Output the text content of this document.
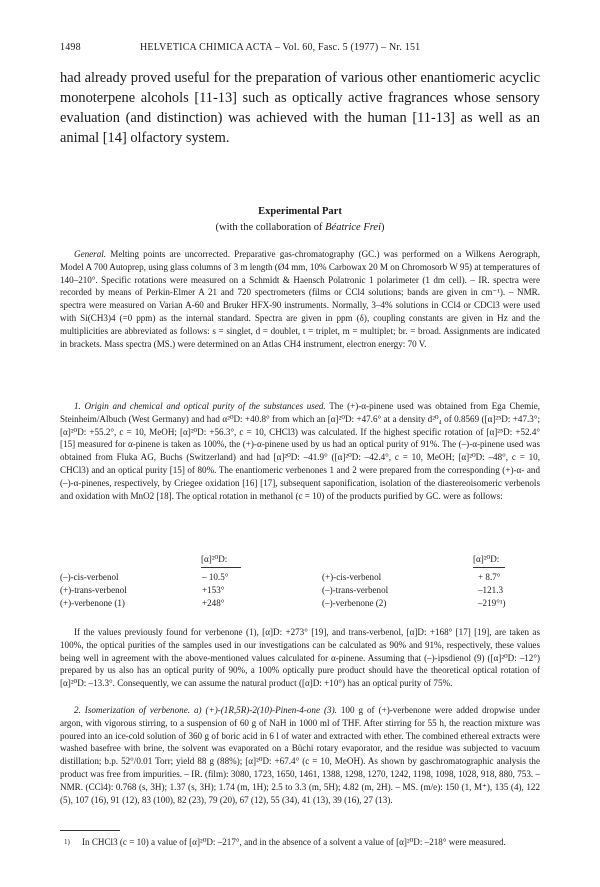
1498	HELVETICA CHIMICA ACTA – Vol. 60, Fasc. 5 (1977) – Nr. 151

had already proved useful for the preparation of various other enantiomeric acyclic monoterpene alcohols [11-13] such as optically active fragrances whose sensory evaluation (and distinction) was achieved with the human [11-13] as well as an animal [14] olfactory system.

Experimental Part

(with the collaboration of Béatrice Frei)

General. Melting points are uncorrected. Preparative gas-chromatography (GC.) was performed on a Wilkens Aerograph, Model A 700 Autoprep, using glass columns of 3 m length (Ø4 mm, 10% Carbowax 20 M on Chromosorb W 95) at temperatures of 140–210°. Specific rotations were measured on a Schmidt & Haensch Polatronic 1 polarimeter (1 dm cell). – IR. spectra were recorded by means of Perkin-Elmer A 21 and 720 spectrometers (films or CCl4 solutions; bands are given in cm⁻¹). – NMR. spectra were measured on Varian A-60 and Bruker HFX-90 instruments. Normally, 3–4% solutions in CCl4 or CDCl3 were used with Si(CH3)4 (=0 ppm) as the internal standard. Spectra are given in ppm (δ), coupling constants are given in Hz and the multiplicities are abbreviated as follows: s = singlet, d = doublet, t = triplet, m = multiplet; br. = broad. Assignments are indicated in brackets. Mass spectra (MS.) were determined on an Atlas CH4 instrument, electron energy: 70 V.

1. Origin and chemical and optical purity of the substances used. The (+)-α-pinene used was obtained from Ega Chemie, Steinheim/Albuch (West Germany) and had α²⁰D: +40.8° from which an [α]²⁰D: +47.6° at a density d²⁰₄ of 0.8569 ([α]²⁵D: +47.3°; [α]²⁰D: +55.2°, c = 10, MeOH; [α]²⁰D: +56.3°, c = 10, CHCl3) was calculated. If the highest specific rotation of [α]²⁵D: +52.4° [15] measured for α-pinene is taken as 100%, the (+)-α-pinene used by us had an optical purity of 91%. The (–)-α-pinene used was obtained from Fluka AG, Buchs (Switzerland) and had [α]²⁰D: –41.9° ([α]²⁰D: –42.4°, c = 10, MeOH; [α]²⁰D: –48°, c = 10, CHCl3) and an optical purity [15] of 80%. The enantiomeric verbenones 1 and 2 were prepared from the corresponding (+)-α- and (–)-α-pinenes, respectively, by Criegee oxidation [16] [17], subsequent saponification, isolation of the diastereoisomeric verbenols and oxidation with MnO2 [18]. The optical rotation in methanol (c = 10) of the products purified by GC. were as follows:

[α]²⁰D:	[α]²⁰D:
(–)-cis-verbenol	– 10.5°
(+)-trans-verbenol	+153°
(+)-verbenone (1)	+248°
(+)-cis-verbenol	+ 8.7°
(–)-trans-verbenol	–121.3
(–)-verbenone (2)	–219°¹)

If the values previously found for verbenone (1), [α]D: +273° [19], and trans-verbenol, [α]D: +168° [17] [19], are taken as 100%, the optical purities of the samples used in our investigations can be calculated as 90% and 91%, respectively, these values being well in agreement with the above-mentioned values calculated for α-pinene. Assuming that (–)-ipsdienol (9) ([α]²⁰D: –12°) prepared by us also has an optical purity of 90%, a 100% optically pure product should have the theoretical optical rotation of [α]²⁰D: –13.3°. Consequently, we can assume the natural product ([α]D: +10°) has an optical purity of 75%.

2. Isomerization of verbenone. a) (+)-(1R,5R)-2(10)-Pinen-4-one (3). 100 g of (+)-verbenone were added dropwise under argon, with vigorous stirring, to a suspension of 60 g of NaH in 1000 ml of THF. After stirring for 55 h, the reaction mixture was poured into an ice-cold solution of 360 g of boric acid in 6 l of water and extracted with ether. The combined ethereal extracts were washed basefree with brine, the solvent was evaporated on a Büchi rotary evaporator, and the residue was subjected to vacuum distillation; b.p. 52°/0.01 Torr; yield 88 g (88%); [α]²⁰D: +67.4° (c = 10, MeOH). As shown by gaschromatographic analysis the product was free from impurities. – IR. (film): 3080, 1723, 1650, 1461, 1388, 1298, 1270, 1242, 1198, 1098, 1028, 918, 880, 753. – NMR. (CCl4): 0.768 (s, 3H); 1.37 (s, 3H); 1.74 (m, 1H); 2.5 to 3.3 (m, 5H); 4.82 (m, 2H). – MS. (m/e): 150 (1, M⁺), 135 (4), 122 (5), 107 (16), 91 (12), 83 (100), 82 (23), 79 (20), 67 (12), 55 (34), 41 (13), 39 (16), 27 (13).

1) In CHCl3 (c = 10) a value of [α]²⁰D: –217°, and in the absence of a solvent a value of [α]²⁰D: –218° were measured.
